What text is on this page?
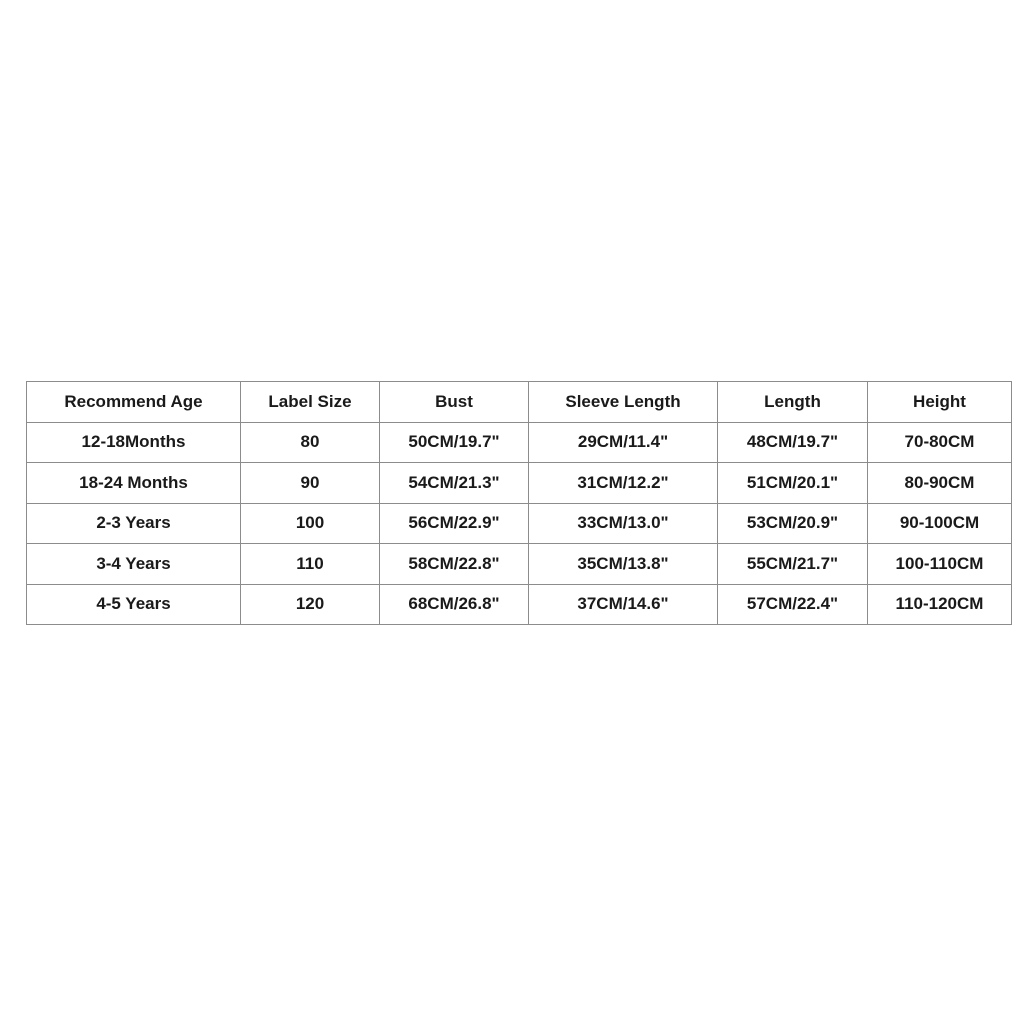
Recommend Age	Label Size	Bust	Sleeve Length	Length	Height
12-18Months	80	50CM/19.7"	29CM/11.4"	48CM/19.7"	70-80CM
18-24 Months	90	54CM/21.3"	31CM/12.2"	51CM/20.1"	80-90CM
2-3 Years	100	56CM/22.9"	33CM/13.0"	53CM/20.9"	90-100CM
3-4 Years	110	58CM/22.8"	35CM/13.8"	55CM/21.7"	100-110CM
4-5 Years	120	68CM/26.8"	37CM/14.6"	57CM/22.4"	110-120CM
